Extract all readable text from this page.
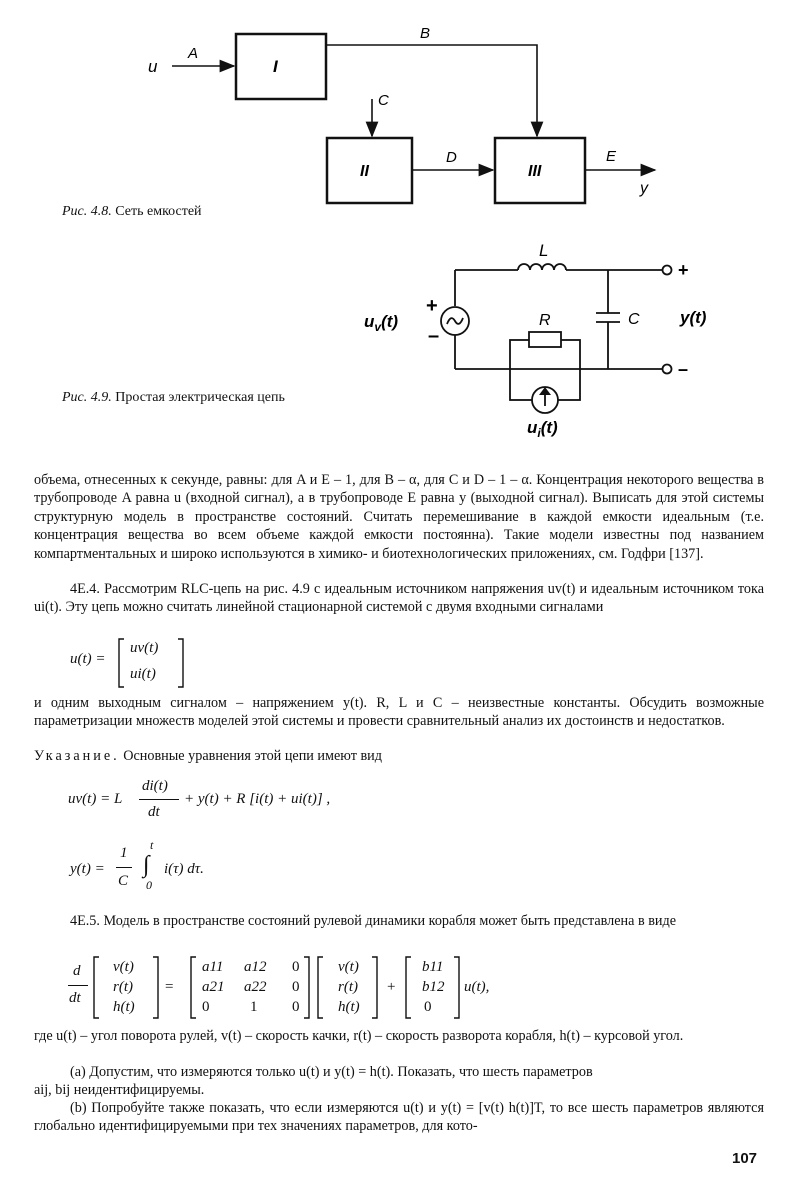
u
A
B
C
D	E
y
I
II	III
Рис. 4.8. Сеть емкостей
L
R	C y(t)
+
–
+
–
$u_v(t)$
$u_i(t)$
Рис. 4.9. Простая электрическая цепь
объема, отнесенных к секунде, равны: для A и E – 1, для B – α, для C и D – 1 – α. Концентрация некоторого вещества в трубопроводе A равна u (входной сигнал), а в трубопроводе E равна y (выходной сигнал). Выписать для этой системы структурную модель в пространстве состояний. Считать перемешивание в каждой емкости идеальным (т.е. концентрация вещества во всем объеме каждой емкости постоянна). Такие модели известны под названием компартментальных и широко используются в химико- и биотехнологических приложениях, см. Годфри [137].
4E.4. Рассмотрим RLC-цепь на рис. 4.9 с идеальным источником напряжения uv(t) и идеальным источником тока ui(t). Эту цепь можно считать линейной стационарной системой с двумя входными сигналами
u(t) =
uv(t)
ui(t)
и одним выходным сигналом – напряжением y(t). R, L и C – неизвестные константы. Обсудить возможные параметризации множеств моделей этой системы и провести сравнительный анализ их достоинств и недостатков.
Указание. Основные уравнения этой цепи имеют вид
uv(t) = L
di(t)
dt
+ y(t) + R [i(t) + ui(t)] ,
y(t) =
1
C
t
∫
0
i(τ) dτ.
4E.5. Модель в пространстве состояний рулевой динамики корабля может быть представлена в виде
d
dt
v(t)
r(t)
h(t)
=
a11 a12 0
a21 a22 0
0	1 0
v(t)
r(t)
h(t)
+
b11
b12
0
u(t),
где u(t) – угол поворота рулей, v(t) – скорость качки, r(t) – скорость разворота корабля, h(t) – курсовой угол.
(a) Допустим, что измеряются только u(t) и y(t) = h(t). Показать, что шесть параметров
aij, bij неидентифицируемы.
(b) Попробуйте также показать, что если измеряются u(t) и y(t) = [v(t) h(t)]T, то все шесть параметров являются глобально идентифицируемыми при тех значениях параметров, для кото-
107
